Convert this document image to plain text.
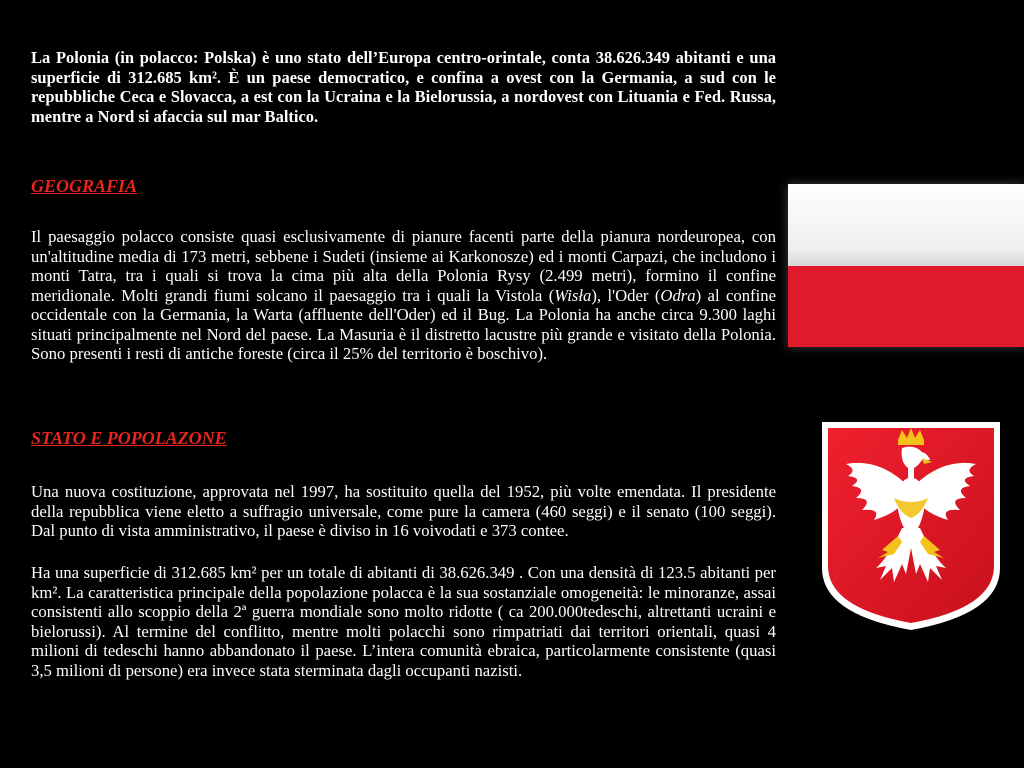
La Polonia (in polacco: Polska) è uno stato dell’Europa centro-orintale, conta 38.626.349 abitanti e una superficie di 312.685 km². È un paese democratico, e confina a ovest con la Germania, a sud con le repubbliche Ceca e Slovacca, a est con la Ucraina e la Bielorussia, a nordovest con Lituania e Fed. Russa, mentre a Nord si afaccia sul mar Baltico.

GEOGRAFIA

Il paesaggio polacco consiste quasi esclusivamente di pianure facenti parte della pianura nordeuropea, con un'altitudine media di 173 metri, sebbene i Sudeti (insieme ai Karkonosze) ed i monti Carpazi, che includono i monti Tatra, tra i quali si trova la cima più alta della Polonia Rysy (2.499 metri), formino il confine meridionale. Molti grandi fiumi solcano il paesaggio tra i quali la Vistola (Wisła), l'Oder (Odra) al confine occidentale con la Germania, la Warta (affluente dell'Oder) ed il Bug. La Polonia ha anche circa 9.300 laghi situati principalmente nel Nord del paese. La Masuria è il distretto lacustre più grande e visitato della Polonia. Sono presenti i resti di antiche foreste (circa il 25% del territorio è boschivo).

STATO E POPOLAZONE

Una nuova costituzione, approvata nel 1997, ha sostituito quella del 1952, più volte emendata. Il presidente della repubblica viene eletto a suffragio universale, come pure la camera (460 seggi) e il senato (100 seggi). Dal punto di vista amministrativo, il paese è diviso in 16 voivodati e 373 contee.

Ha una superficie di 312.685 km² per un totale di abitanti di 38.626.349 . Con una densità di 123.5 abitanti per km². La caratteristica principale della popolazione polacca è la sua sostanziale omogeneità: le minoranze, assai consistenti allo scoppio della 2ª guerra mondiale sono molto ridotte ( ca 200.000tedeschi, altrettanti ucraini e bielorussi). Al termine del conflitto, mentre molti polacchi sono rimpatriati dai territori orientali, quasi 4 milioni di tedeschi hanno abbandonato il paese. L’intera comunità ebraica, particolarmente consistente (quasi 3,5 milioni di persone) era invece stata sterminata dagli occupanti nazisti.
